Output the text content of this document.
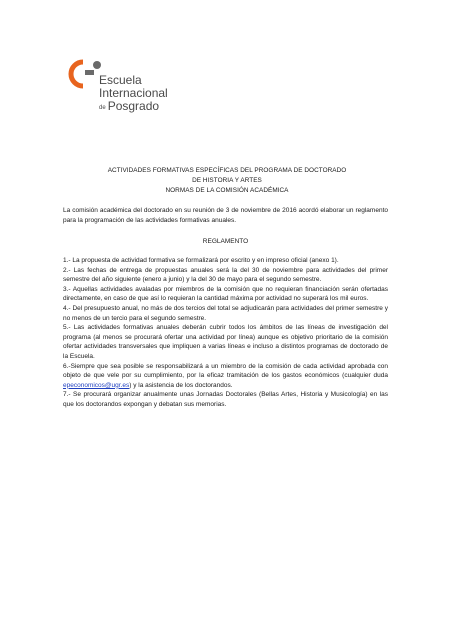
Escuela
Internacional
de Posgrado
ACTIVIDADES FORMATIVAS ESPECÍFICAS DEL PROGRAMA DE DOCTORADO
DE HISTORIA Y ARTES
NORMAS DE LA COMISIÓN ACADÉMICA
La comisión académica del doctorado en su reunión de 3 de noviembre de 2016 acordó elaborar un reglamento para la programación de las actividades formativas anuales.
REGLAMENTO

1.- La propuesta de actividad formativa se formalizará por escrito y en impreso oficial (anexo 1).

2.- Las fechas de entrega de propuestas anuales será la del 30 de noviembre para actividades del primer semestre del año siguiente (enero a junio) y la del 30 de mayo para el segundo semestre.

3.- Aquellas actividades avaladas por miembros de la comisión que no requieran financiación serán ofertadas directamente, en caso de que así lo requieran la cantidad máxima por actividad no superará los mil euros.

4.- Del presupuesto anual, no más de dos tercios del total se adjudicarán para actividades del primer semestre y no menos de un tercio para el segundo semestre.

5.- Las actividades formativas anuales deberán cubrir todos los ámbitos de las líneas de investigación del programa (al menos se procurará ofertar una actividad por línea) aunque es objetivo prioritario de la comisión ofertar actividades transversales que impliquen a varias líneas e incluso a distintos programas de doctorado de la Escuela.

6.-Siempre que sea posible se responsabilizará a un miembro de la comisión de cada actividad aprobada con objeto de que vele por su cumplimiento, por la eficaz tramitación de los gastos económicos (cualquier duda epeconomicos@ugr.es) y la asistencia de los doctorandos.

7.- Se procurará organizar anualmente unas Jornadas Doctorales (Bellas Artes, Historia y Musicología) en las que los doctorandos expongan y debatan sus memorias.
